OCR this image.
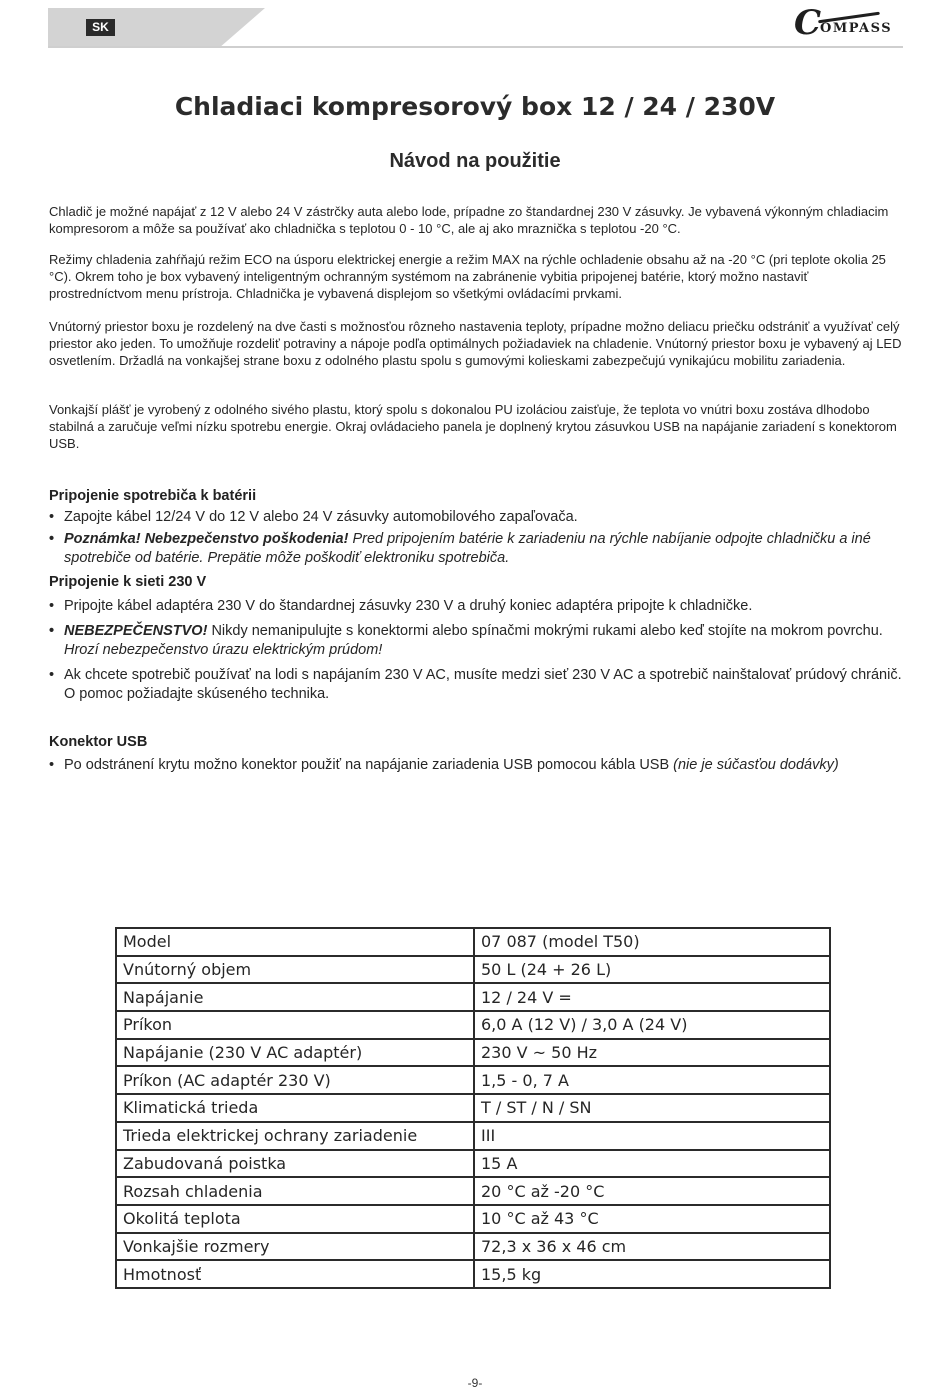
SK	C
OMPASS
Chladiaci kompresorový box 12 / 24 / 230V
Návod na použitie

Chladič je možné napájať z 12 V alebo 24 V zástrčky auta alebo lode, prípadne zo štandardnej 230 V zásuvky. Je vybavená výkonným chladiacim kompresorom a môže sa používať ako chladnička s teplotou 0 - 10 °C, ale aj ako mraznička s teplotou -20 °C.

Režimy chladenia zahŕňajú režim ECO na úsporu elektrickej energie a režim MAX na rýchle ochladenie obsahu až na -20 °C (pri teplote okolia 25 °C). Okrem toho je box vybavený inteligentným ochranným systémom na zabránenie vybitia pripojenej batérie, ktorý možno nastaviť prostredníctvom menu prístroja. Chladnička je vybavená displejom so všetkými ovládacími prvkami.

Vnútorný priestor boxu je rozdelený na dve časti s možnosťou rôzneho nastavenia teploty, prípadne možno deliacu priečku odstrániť a využívať celý priestor ako jeden. To umožňuje rozdeliť potraviny a nápoje podľa optimálnych požiadaviek na chladenie. Vnútorný priestor boxu je vybavený aj LED osvetlením. Držadlá na vonkajšej strane boxu z odolného plastu spolu s gumovými kolieskami zabezpečujú vynikajúcu mobilitu zariadenia.

Vonkajší plášť je vyrobený z odolného sivého plastu, ktorý spolu s dokonalou PU izoláciou zaisťuje, že teplota vo vnútri boxu zostáva dlhodobo stabilná a zaručuje veľmi nízku spotrebu energie. Okraj ovládacieho panela je doplnený krytou zásuvkou USB na napájanie zariadení s konektorom USB.

Pripojenie spotrebiča k batérii
• Zapojte kábel 12/24 V do 12 V alebo 24 V zásuvky automobilového zapaľovača.
• Poznámka! Nebezpečenstvo poškodenia! Pred pripojením batérie k zariadeniu na rýchle nabíjanie odpojte chladničku a iné spotrebiče od batérie. Prepätie môže poškodiť elektroniku spotrebiča.
Pripojenie k sieti 230 V
• Pripojte kábel adaptéra 230 V do štandardnej zásuvky 230 V a druhý koniec adaptéra pripojte k chladničke.
• NEBEZPEČENSTVO! Nikdy nemanipulujte s konektormi alebo spínačmi mokrými rukami alebo keď stojíte na mokrom povrchu. Hrozí nebezpečenstvo úrazu elektrickým prúdom!
• Ak chcete spotrebič používať na lodi s napájaním 230 V AC, musíte medzi sieť 230 V AC a spotrebič nainštalovať prúdový chránič. O pomoc požiadajte skúseného technika.
Konektor USB
• Po odstránení krytu možno konektor použiť na napájanie zariadenia USB pomocou kábla USB (nie je súčasťou dodávky)
Model	07 087 (model T50)
Vnútorný objem	50 L (24 + 26 L)
Napájanie	12 / 24 V =
Príkon	6,0 A (12 V) / 3,0 A (24 V)
Napájanie (230 V AC adaptér)	230 V ~ 50 Hz
Príkon (AC adaptér 230 V)	1,5 - 0, 7 A
Klimatická trieda	T / ST / N / SN
Trieda elektrickej ochrany zariadenie	III
Zabudovaná poistka	15 A
Rozsah chladenia	20 °C až -20 °C
Okolitá teplota	10 °C až 43 °C
Vonkajšie rozmery	72,3 x 36 x 46 cm
Hmotnosť	15,5 kg
-9-
